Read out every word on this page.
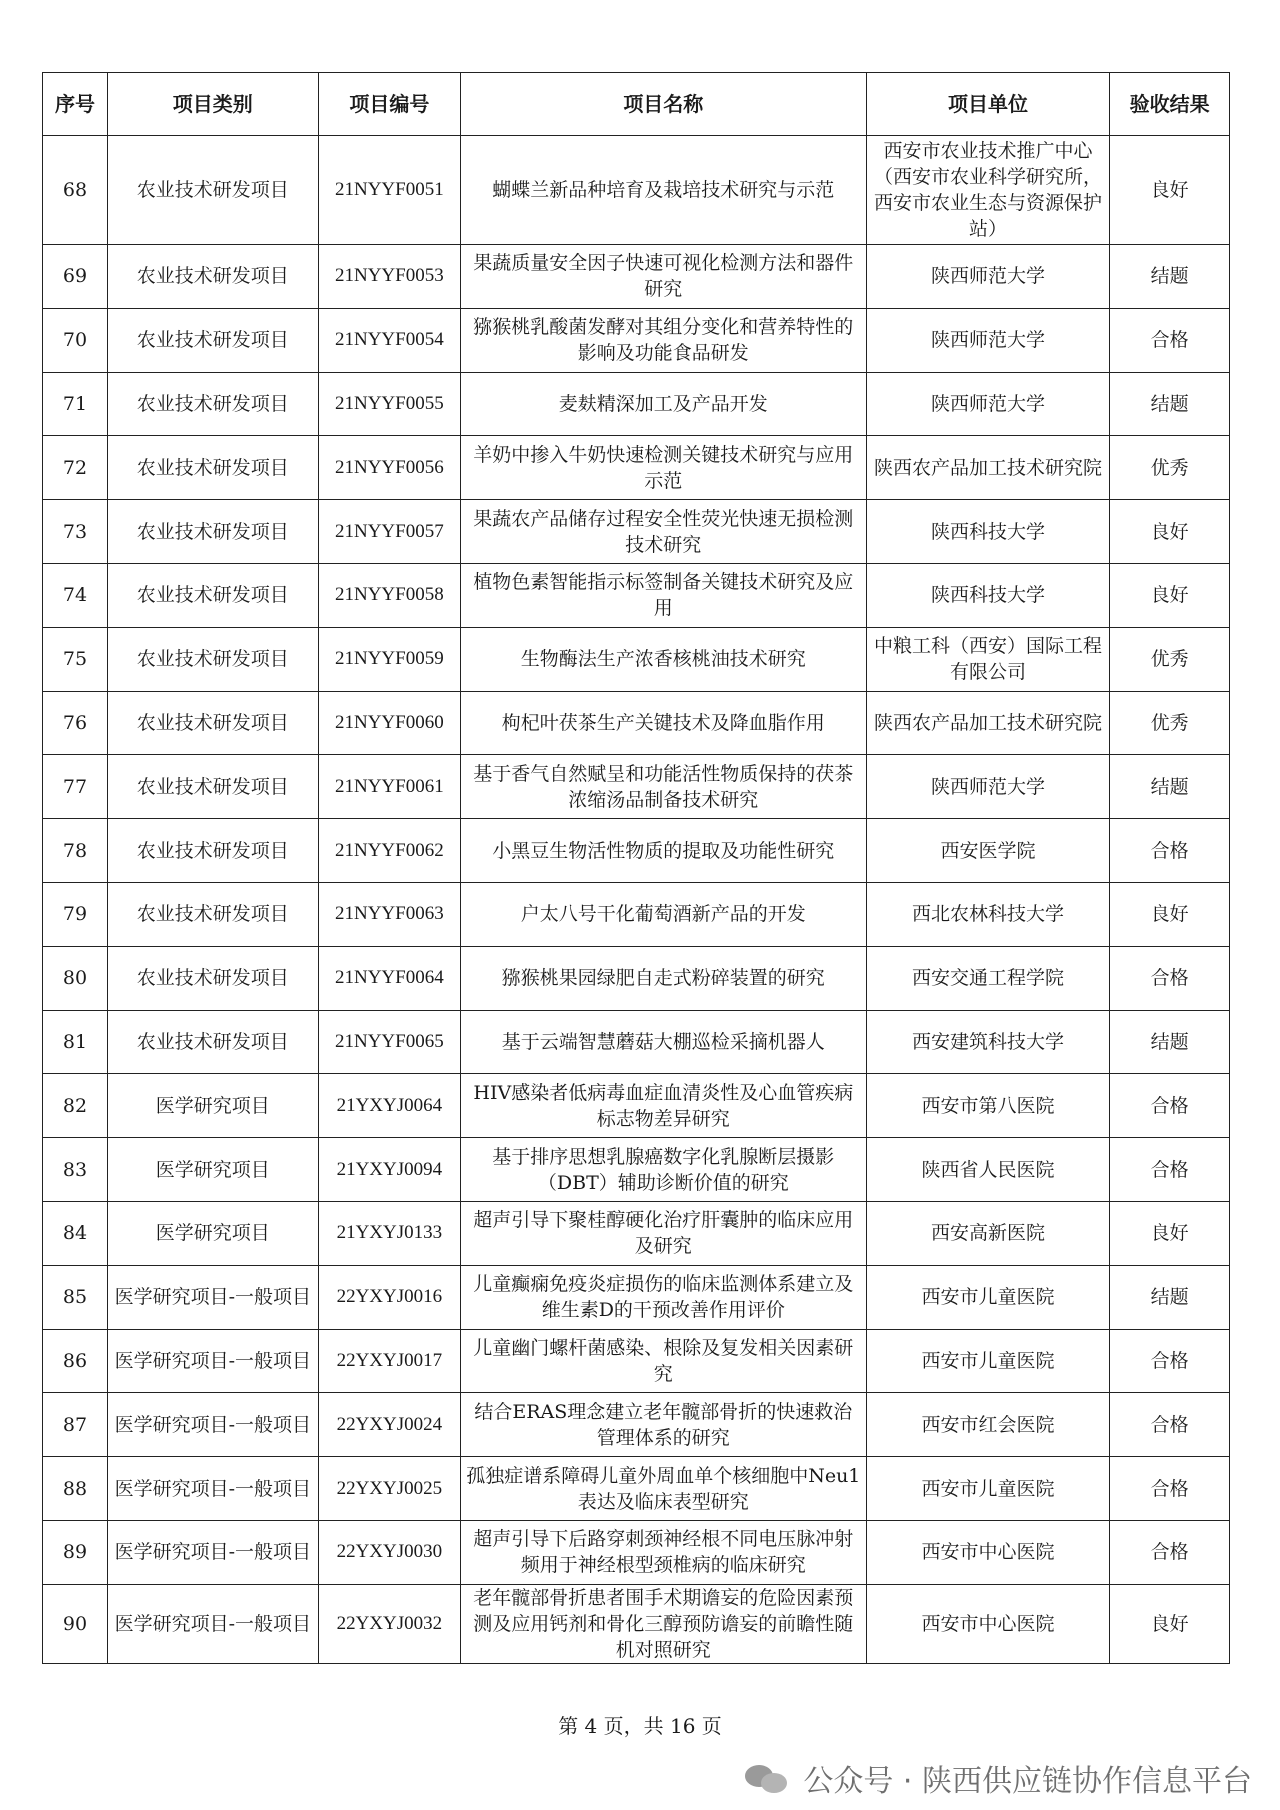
序号	项目类别	项目编号	项目名称	项目单位	验收结果
68	农业技术研发项目	21NYYF0051	蝴蝶兰新品种培育及栽培技术研究与示范	西安市农业技术推广中心（西安市农业科学研究所，西安市农业生态与资源保护站）	良好
69	农业技术研发项目	21NYYF0053	果蔬质量安全因子快速可视化检测方法和器件研究	陕西师范大学	结题
70	农业技术研发项目	21NYYF0054	猕猴桃乳酸菌发酵对其组分变化和营养特性的影响及功能食品研发	陕西师范大学	合格
71	农业技术研发项目	21NYYF0055	麦麸精深加工及产品开发	陕西师范大学	结题
72	农业技术研发项目	21NYYF0056	羊奶中掺入牛奶快速检测关键技术研究与应用示范	陕西农产品加工技术研究院	优秀
73	农业技术研发项目	21NYYF0057	果蔬农产品储存过程安全性荧光快速无损检测技术研究	陕西科技大学	良好
74	农业技术研发项目	21NYYF0058	植物色素智能指示标签制备关键技术研究及应用	陕西科技大学	良好
75	农业技术研发项目	21NYYF0059	生物酶法生产浓香核桃油技术研究	中粮工科（西安）国际工程有限公司	优秀
76	农业技术研发项目	21NYYF0060	枸杞叶茯茶生产关键技术及降血脂作用	陕西农产品加工技术研究院	优秀
77	农业技术研发项目	21NYYF0061	基于香气自然赋呈和功能活性物质保持的茯茶浓缩汤品制备技术研究	陕西师范大学	结题
78	农业技术研发项目	21NYYF0062	小黑豆生物活性物质的提取及功能性研究	西安医学院	合格
79	农业技术研发项目	21NYYF0063	户太八号干化葡萄酒新产品的开发	西北农林科技大学	良好
80	农业技术研发项目	21NYYF0064	猕猴桃果园绿肥自走式粉碎装置的研究	西安交通工程学院	合格
81	农业技术研发项目	21NYYF0065	基于云端智慧蘑菇大棚巡检采摘机器人	西安建筑科技大学	结题
82	医学研究项目	21YXYJ0064	HIV感染者低病毒血症血清炎性及心血管疾病标志物差异研究	西安市第八医院	合格
83	医学研究项目	21YXYJ0094	基于排序思想乳腺癌数字化乳腺断层摄影（DBT）辅助诊断价值的研究	陕西省人民医院	合格
84	医学研究项目	21YXYJ0133	超声引导下聚桂醇硬化治疗肝囊肿的临床应用及研究	西安高新医院	良好
85	医学研究项目-一般项目	22YXYJ0016	儿童癫痫免疫炎症损伤的临床监测体系建立及维生素D的干预改善作用评价	西安市儿童医院	结题
86	医学研究项目-一般项目	22YXYJ0017	儿童幽门螺杆菌感染、根除及复发相关因素研究	西安市儿童医院	合格
87	医学研究项目-一般项目	22YXYJ0024	结合ERAS理念建立老年髋部骨折的快速救治管理体系的研究	西安市红会医院	合格
88	医学研究项目-一般项目	22YXYJ0025	孤独症谱系障碍儿童外周血单个核细胞中Neu1表达及临床表型研究	西安市儿童医院	合格
89	医学研究项目-一般项目	22YXYJ0030	超声引导下后路穿刺颈神经根不同电压脉冲射频用于神经根型颈椎病的临床研究	西安市中心医院	合格
90	医学研究项目-一般项目	22YXYJ0032	老年髋部骨折患者围手术期谵妄的危险因素预测及应用钙剂和骨化三醇预防谵妄的前瞻性随机对照研究	西安市中心医院	良好
第 4 页，共 16 页
公众号 · 陕西供应链协作信息平台
